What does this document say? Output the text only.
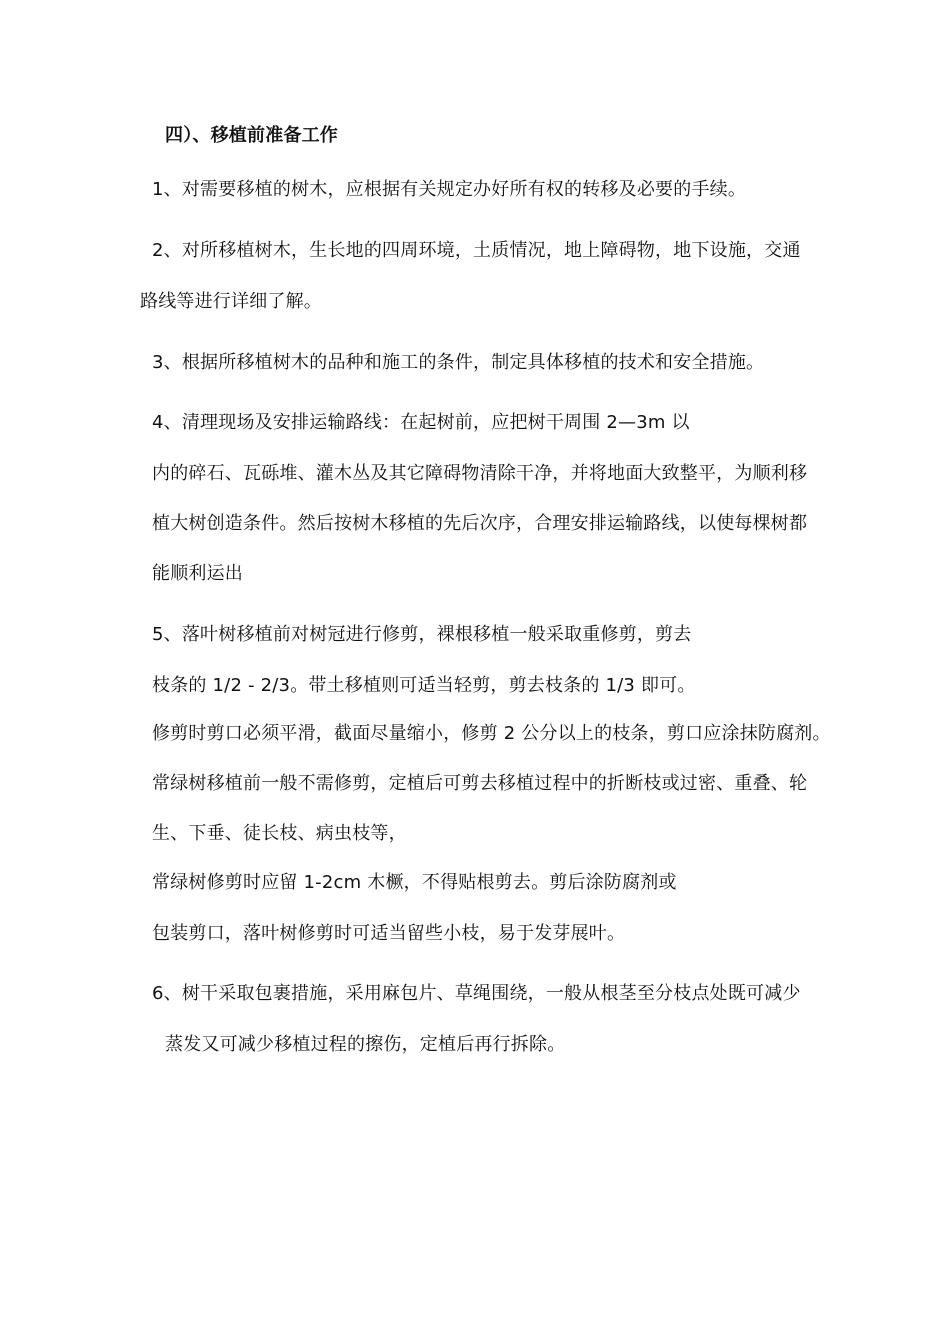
四）、移植前准备工作
1、对需要移植的树木，应根据有关规定办好所有权的转移及必要的手续。
2、对所移植树木，生长地的四周环境，土质情况，地上障碍物，地下设施，交通
路线等进行详细了解。
3、根据所移植树木的品种和施工的条件，制定具体移植的技术和安全措施。
4、清理现场及安排运输路线：在起树前，应把树干周围 2—3m 以
内的碎石、瓦砾堆、灌木丛及其它障碍物清除干净，并将地面大致整平，为顺利移
植大树创造条件。然后按树木移植的先后次序，合理安排运输路线，以使每棵树都
能顺利运出
5、落叶树移植前对树冠进行修剪，裸根移植一般采取重修剪，剪去
枝条的 1/2 - 2/3。带土移植则可适当轻剪，剪去枝条的 1/3 即可。
修剪时剪口必须平滑，截面尽量缩小，修剪 2 公分以上的枝条，剪口应涂抹防腐剂。
常绿树移植前一般不需修剪，定植后可剪去移植过程中的折断枝或过密、重叠、轮
生、下垂、徒长枝、病虫枝等，
常绿树修剪时应留 1-2cm 木橛，不得贴根剪去。剪后涂防腐剂或
包装剪口，落叶树修剪时可适当留些小枝，易于发芽展叶。
6、树干采取包裹措施，采用麻包片、草绳围绕，一般从根茎至分枝点处既可减少
蒸发又可减少移植过程的擦伤，定植后再行拆除。
